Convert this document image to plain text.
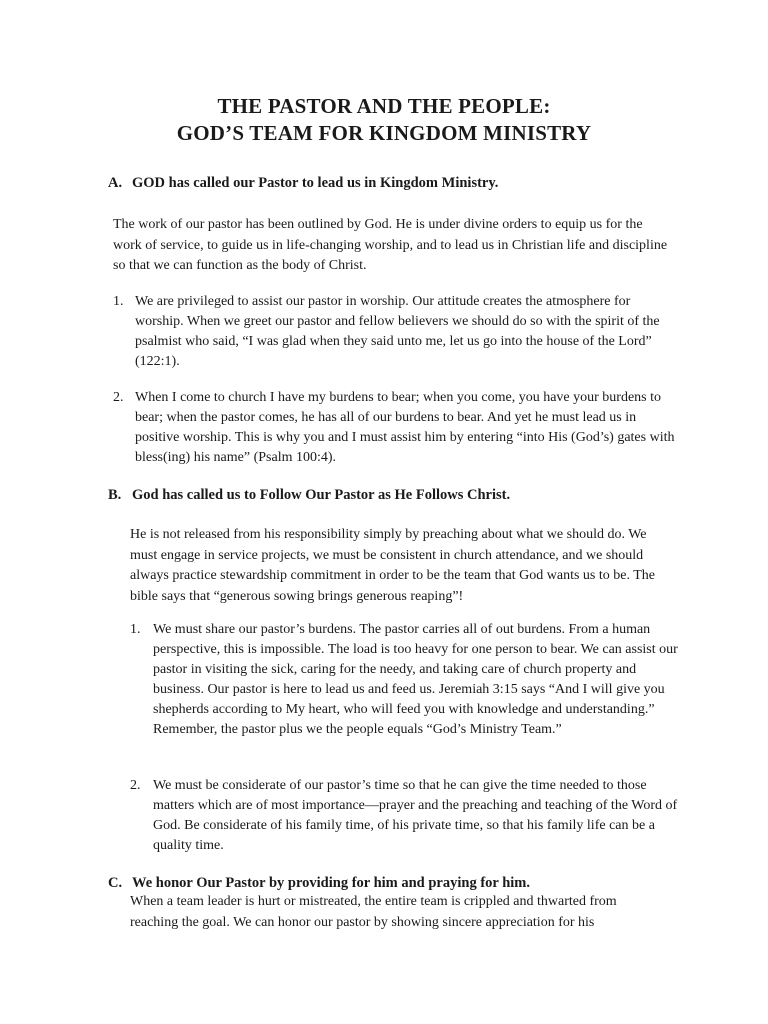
THE PASTOR AND THE PEOPLE:
GOD’S TEAM FOR KINGDOM MINISTRY
A. GOD has called our Pastor to lead us in Kingdom Ministry.

The work of our pastor has been outlined by God. He is under divine orders to equip us for the work of service, to guide us in life-changing worship, and to lead us in Christian life and discipline so that we can function as the body of Christ.

1. We are privileged to assist our pastor in worship. Our attitude creates the atmosphere for worship. When we greet our pastor and fellow believers we should do so with the spirit of the psalmist who said, “I was glad when they said unto me, let us go into the house of the Lord” (122:1).
2. When I come to church I have my burdens to bear; when you come, you have your burdens to bear; when the pastor comes, he has all of our burdens to bear. And yet he must lead us in positive worship. This is why you and I must assist him by entering “into His (God’s) gates with bless(ing) his name” (Psalm 100:4).
B. God has called us to Follow Our Pastor as He Follows Christ.

He is not released from his responsibility simply by preaching about what we should do. We must engage in service projects, we must be consistent in church attendance, and we should always practice stewardship commitment in order to be the team that God wants us to be. The bible says that “generous sowing brings generous reaping”!

1. We must share our pastor’s burdens. The pastor carries all of out burdens. From a human perspective, this is impossible. The load is too heavy for one person to bear. We can assist our pastor in visiting the sick, caring for the needy, and taking care of church property and business. Our pastor is here to lead us and feed us. Jeremiah 3:15 says “And I will give you shepherds according to My heart, who will feed you with knowledge and understanding.” Remember, the pastor plus we the people equals “God’s Ministry Team.”
2. We must be considerate of our pastor’s time so that he can give the time needed to those matters which are of most importance—prayer and the preaching and teaching of the Word of God. Be considerate of his family time, of his private time, so that his family life can be a quality time.
C. We honor Our Pastor by providing for him and praying for him.

When a team leader is hurt or mistreated, the entire team is crippled and thwarted from reaching the goal. We can honor our pastor by showing sincere appreciation for his
